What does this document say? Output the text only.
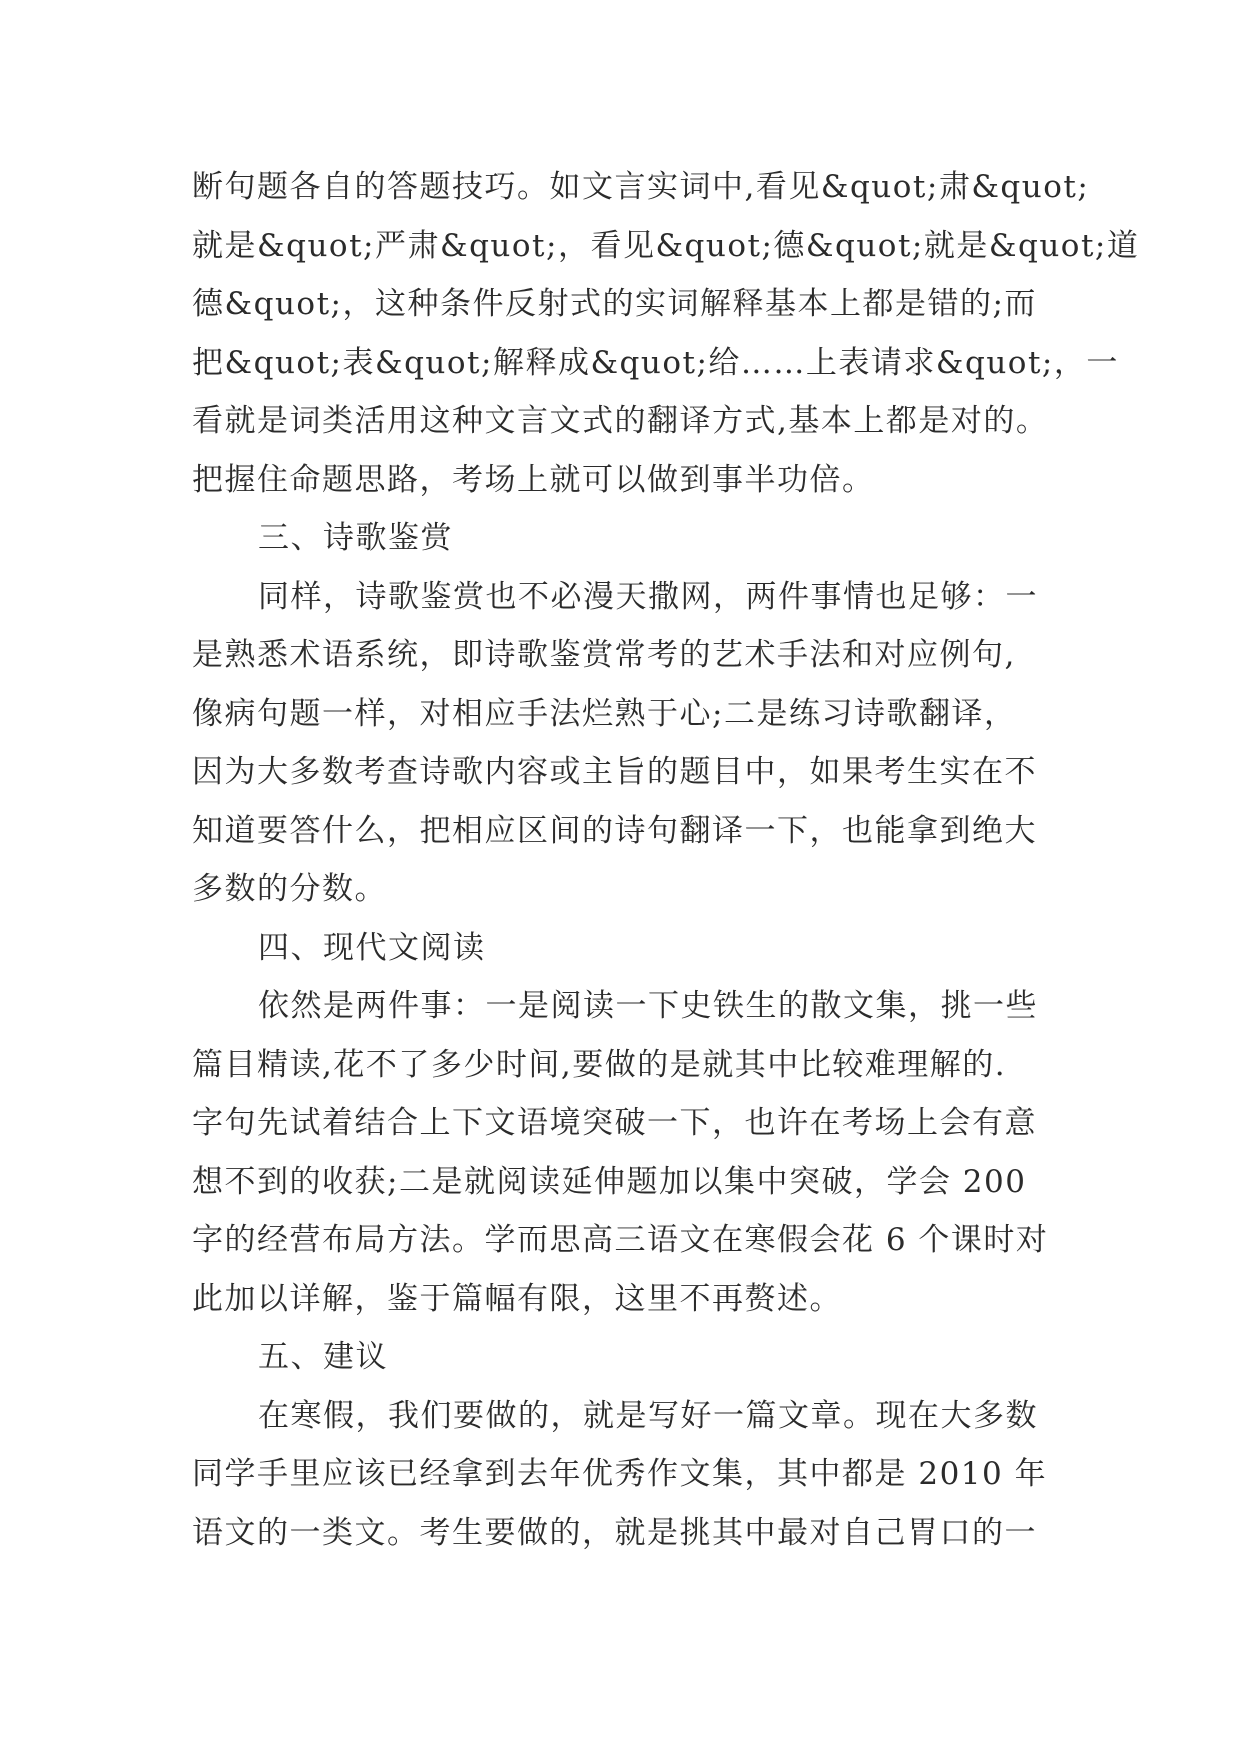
断句题各自的答题技巧。如文言实词中,看见&quot;肃&quot;
就是&quot;严肃&quot;，看见&quot;德&quot;就是&quot;道
德&quot;，这种条件反射式的实词解释基本上都是错的;而
把&quot;表&quot;解释成&quot;给……上表请求&quot;，一
看就是词类活用这种文言文式的翻译方式,基本上都是对的。
把握住命题思路，考场上就可以做到事半功倍。
三、诗歌鉴赏
同样，诗歌鉴赏也不必漫天撒网，两件事情也足够：一
是熟悉术语系统，即诗歌鉴赏常考的艺术手法和对应例句,
像病句题一样，对相应手法烂熟于心;二是练习诗歌翻译，
因为大多数考查诗歌内容或主旨的题目中，如果考生实在不
知道要答什么，把相应区间的诗句翻译一下，也能拿到绝大
多数的分数。
四、现代文阅读
依然是两件事：一是阅读一下史铁生的散文集，挑一些
篇目精读,花不了多少时间,要做的是就其中比较难理解的.
字句先试着结合上下文语境突破一下，也许在考场上会有意
想不到的收获;二是就阅读延伸题加以集中突破，学会 200
字的经营布局方法。学而思高三语文在寒假会花 6 个课时对
此加以详解，鉴于篇幅有限，这里不再赘述。
五、建议
在寒假，我们要做的，就是写好一篇文章。现在大多数
同学手里应该已经拿到去年优秀作文集，其中都是 2010 年
语文的一类文。考生要做的，就是挑其中最对自己胃口的一
